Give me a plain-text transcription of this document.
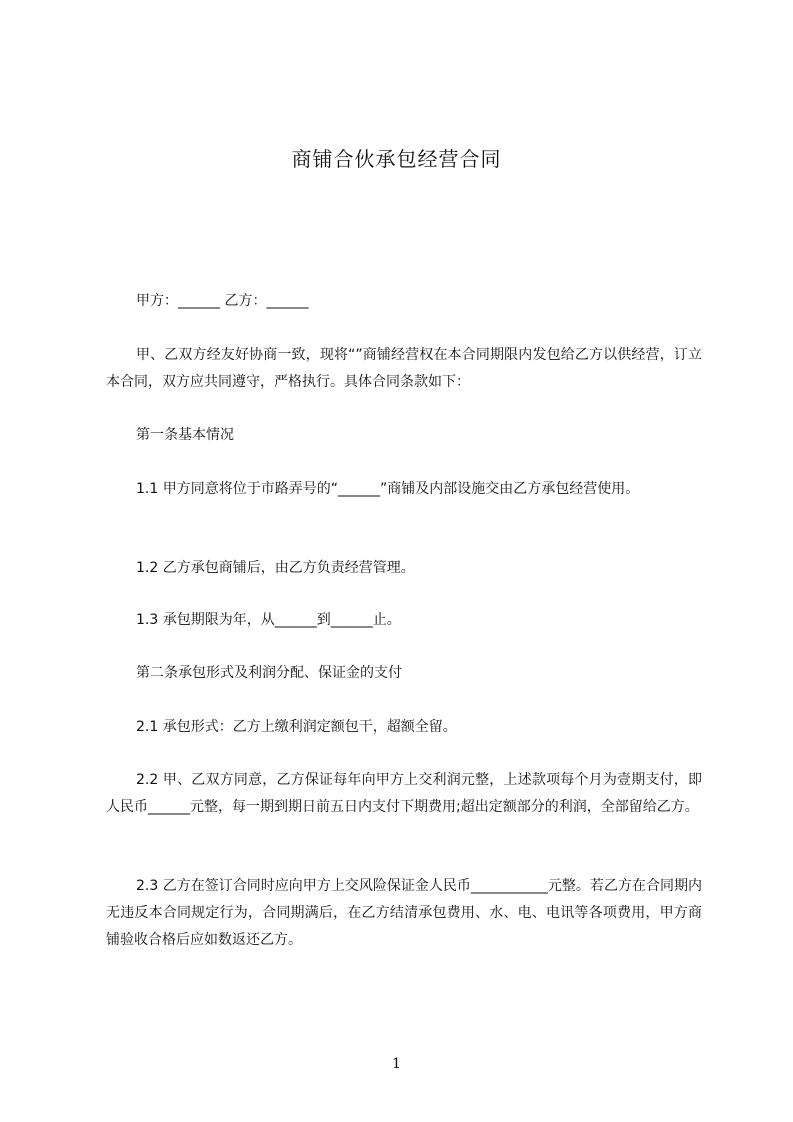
商铺合伙承包经营合同

甲方：______ 乙方：______

甲、乙双方经友好协商一致，现将“”商铺经营权在本合同期限内发包给乙方以供经营，订立本合同，双方应共同遵守，严格执行。具体合同条款如下：

第一条基本情况

1.1 甲方同意将位于市路弄号的“______”商铺及内部设施交由乙方承包经营使用。

1.2 乙方承包商铺后，由乙方负责经营管理。

1.3 承包期限为年，从______到______止。

第二条承包形式及利润分配、保证金的支付

2.1 承包形式：乙方上缴利润定额包干，超额全留。

2.2 甲、乙双方同意，乙方保证每年向甲方上交利润元整，上述款项每个月为壹期支付，即人民币______元整，每一期到期日前五日内支付下期费用;超出定额部分的利润，全部留给乙方。

2.3 乙方在签订合同时应向甲方上交风险保证金人民币___________元整。若乙方在合同期内无违反本合同规定行为，合同期满后，在乙方结清承包费用、水、电、电讯等各项费用，甲方商铺验收合格后应如数返还乙方。

1
